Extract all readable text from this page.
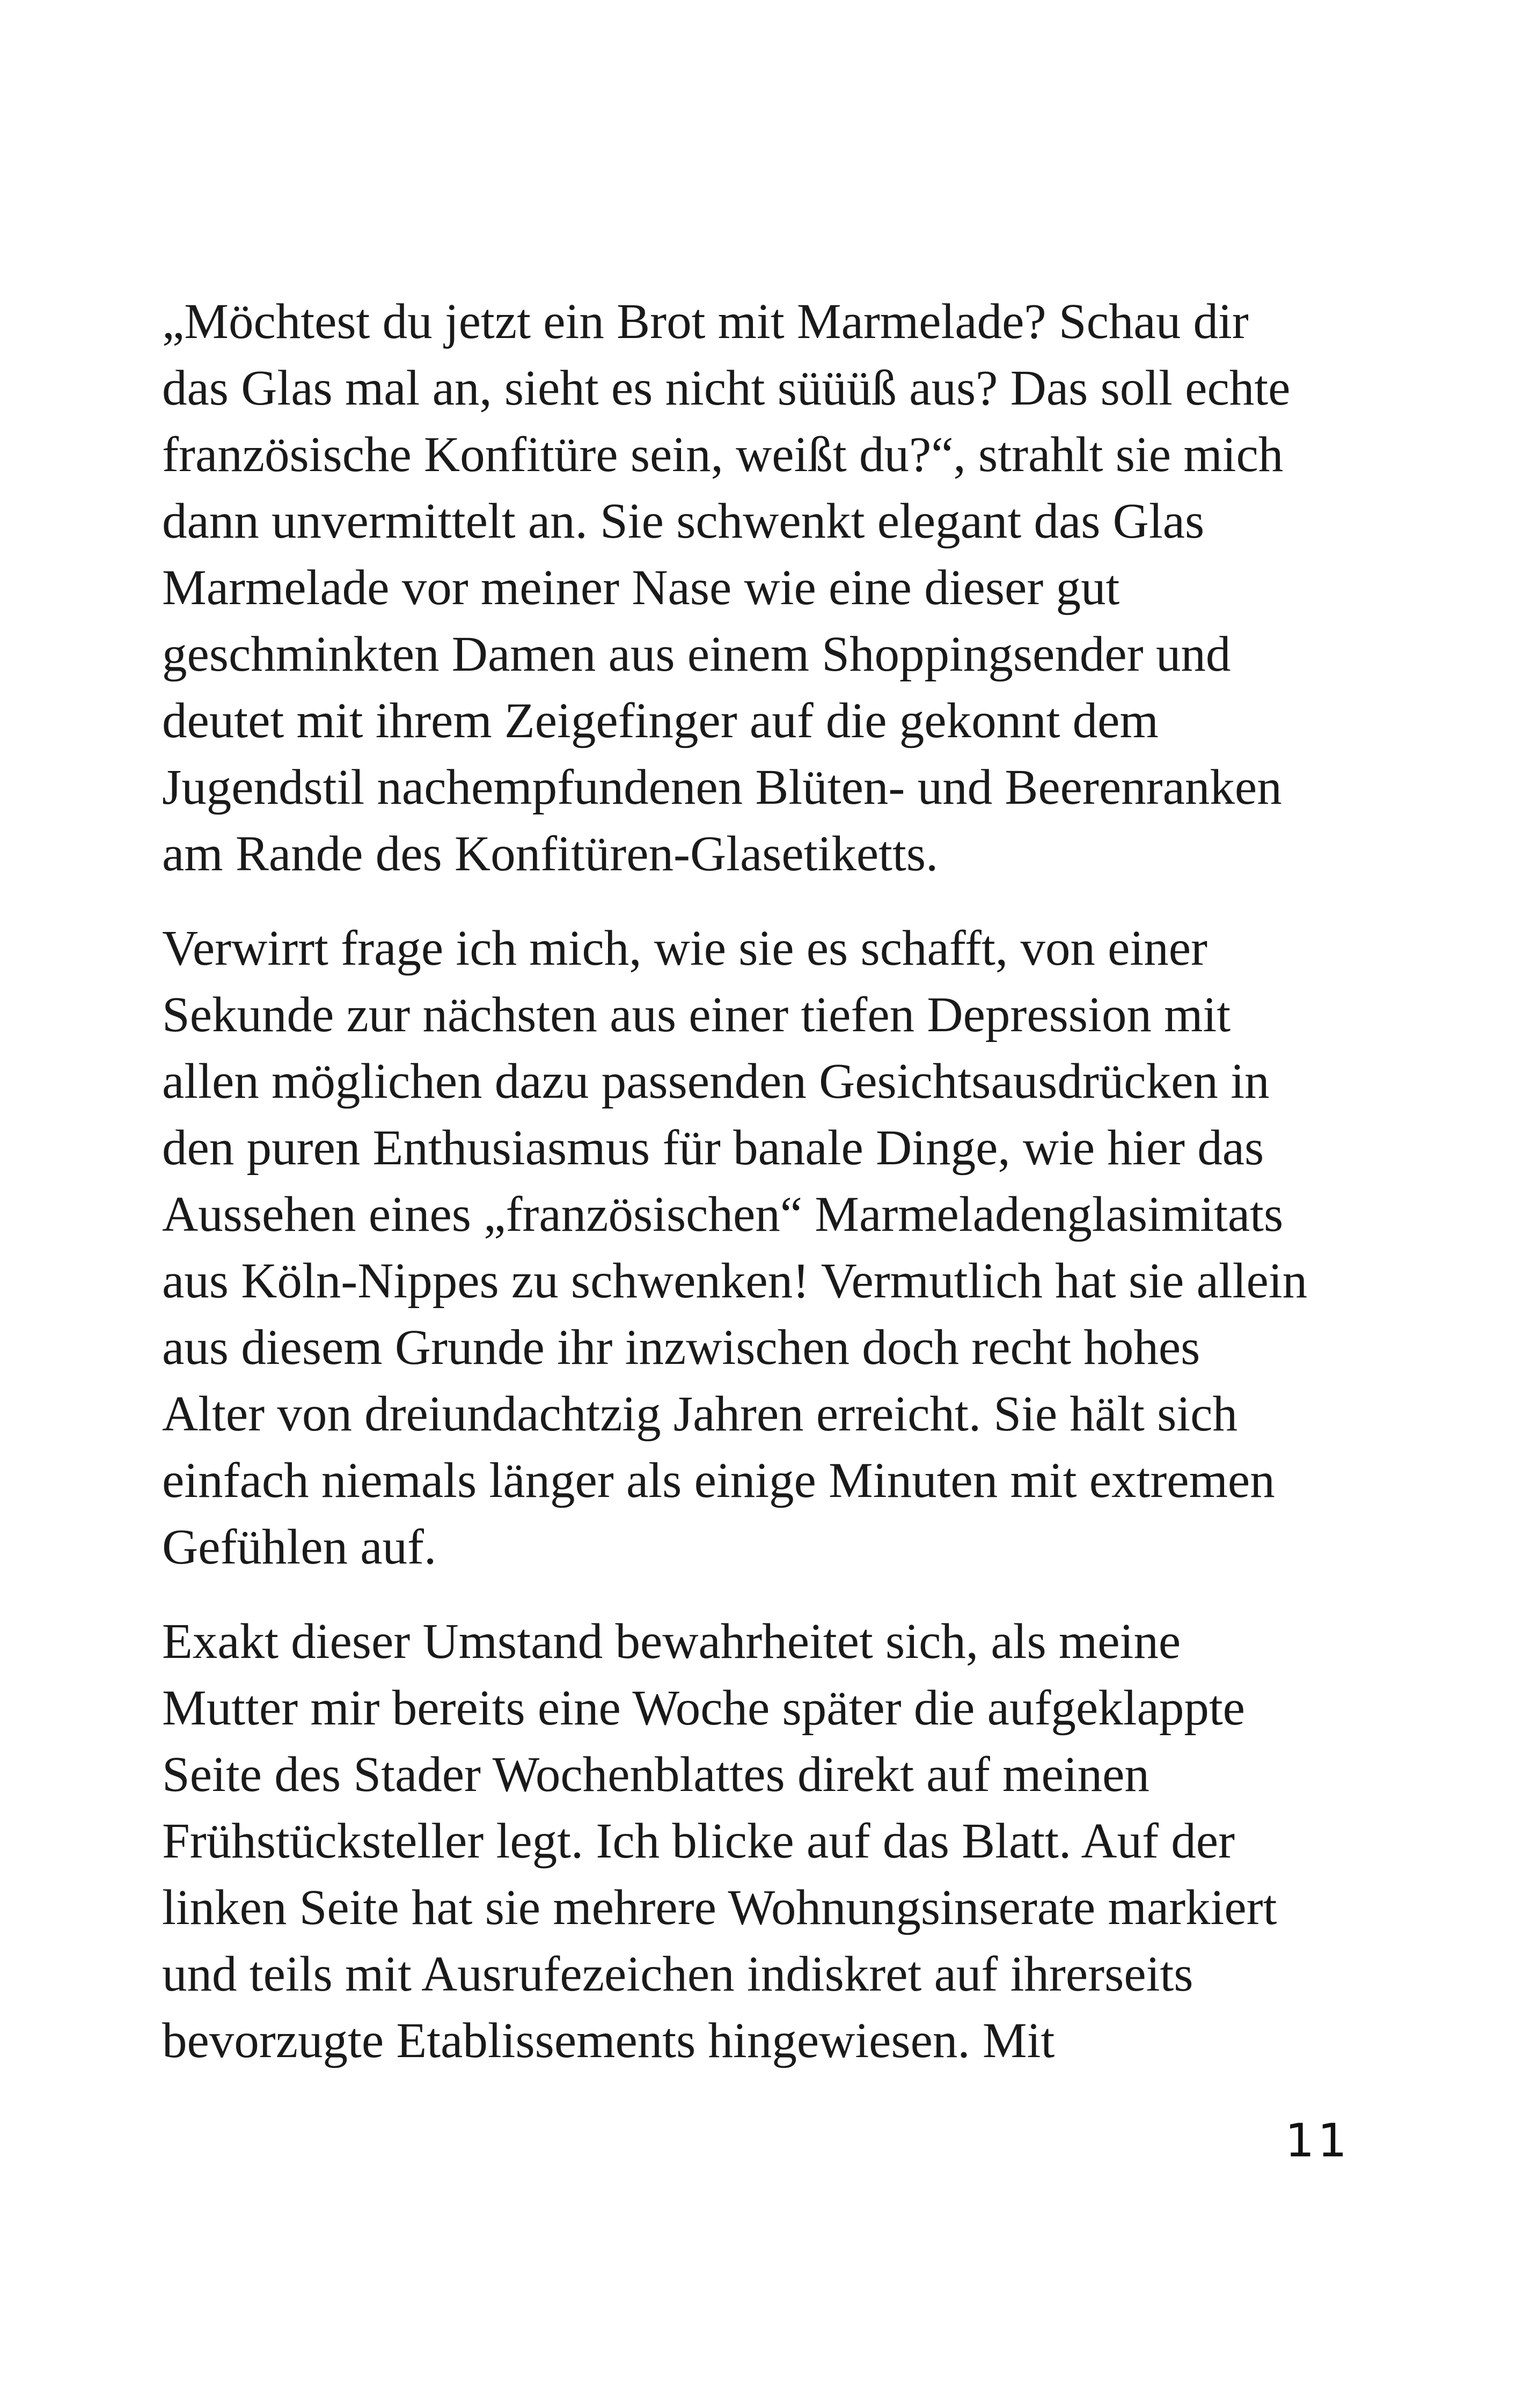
„Möchtest du jetzt ein Brot mit Marmelade? Schau dir
das Glas mal an, sieht es nicht süüüß aus? Das soll echte
französische Konfitüre sein, weißt du?“, strahlt sie mich
dann unvermittelt an. Sie schwenkt elegant das Glas
Marmelade vor meiner Nase wie eine dieser gut
geschminkten Damen aus einem Shoppingsender und
deutet mit ihrem Zeigefinger auf die gekonnt dem
Jugendstil nachempfundenen Blüten- und Beerenranken
am Rande des Konfitüren-Glasetiketts.
Verwirrt frage ich mich, wie sie es schafft, von einer
Sekunde zur nächsten aus einer tiefen Depression mit
allen möglichen dazu passenden Gesichtsausdrücken in
den puren Enthusiasmus für banale Dinge, wie hier das
Aussehen eines „französischen“ Marmeladenglasimitats
aus Köln-Nippes zu schwenken! Vermutlich hat sie allein
aus diesem Grunde ihr inzwischen doch recht hohes
Alter von dreiundachtzig Jahren erreicht. Sie hält sich
einfach niemals länger als einige Minuten mit extremen
Gefühlen auf.
Exakt dieser Umstand bewahrheitet sich, als meine
Mutter mir bereits eine Woche später die aufgeklappte
Seite des Stader Wochenblattes direkt auf meinen
Frühstücksteller legt. Ich blicke auf das Blatt. Auf der
linken Seite hat sie mehrere Wohnungsinserate markiert
und teils mit Ausrufezeichen indiskret auf ihrerseits
bevorzugte Etablissements hingewiesen. Mit
11
